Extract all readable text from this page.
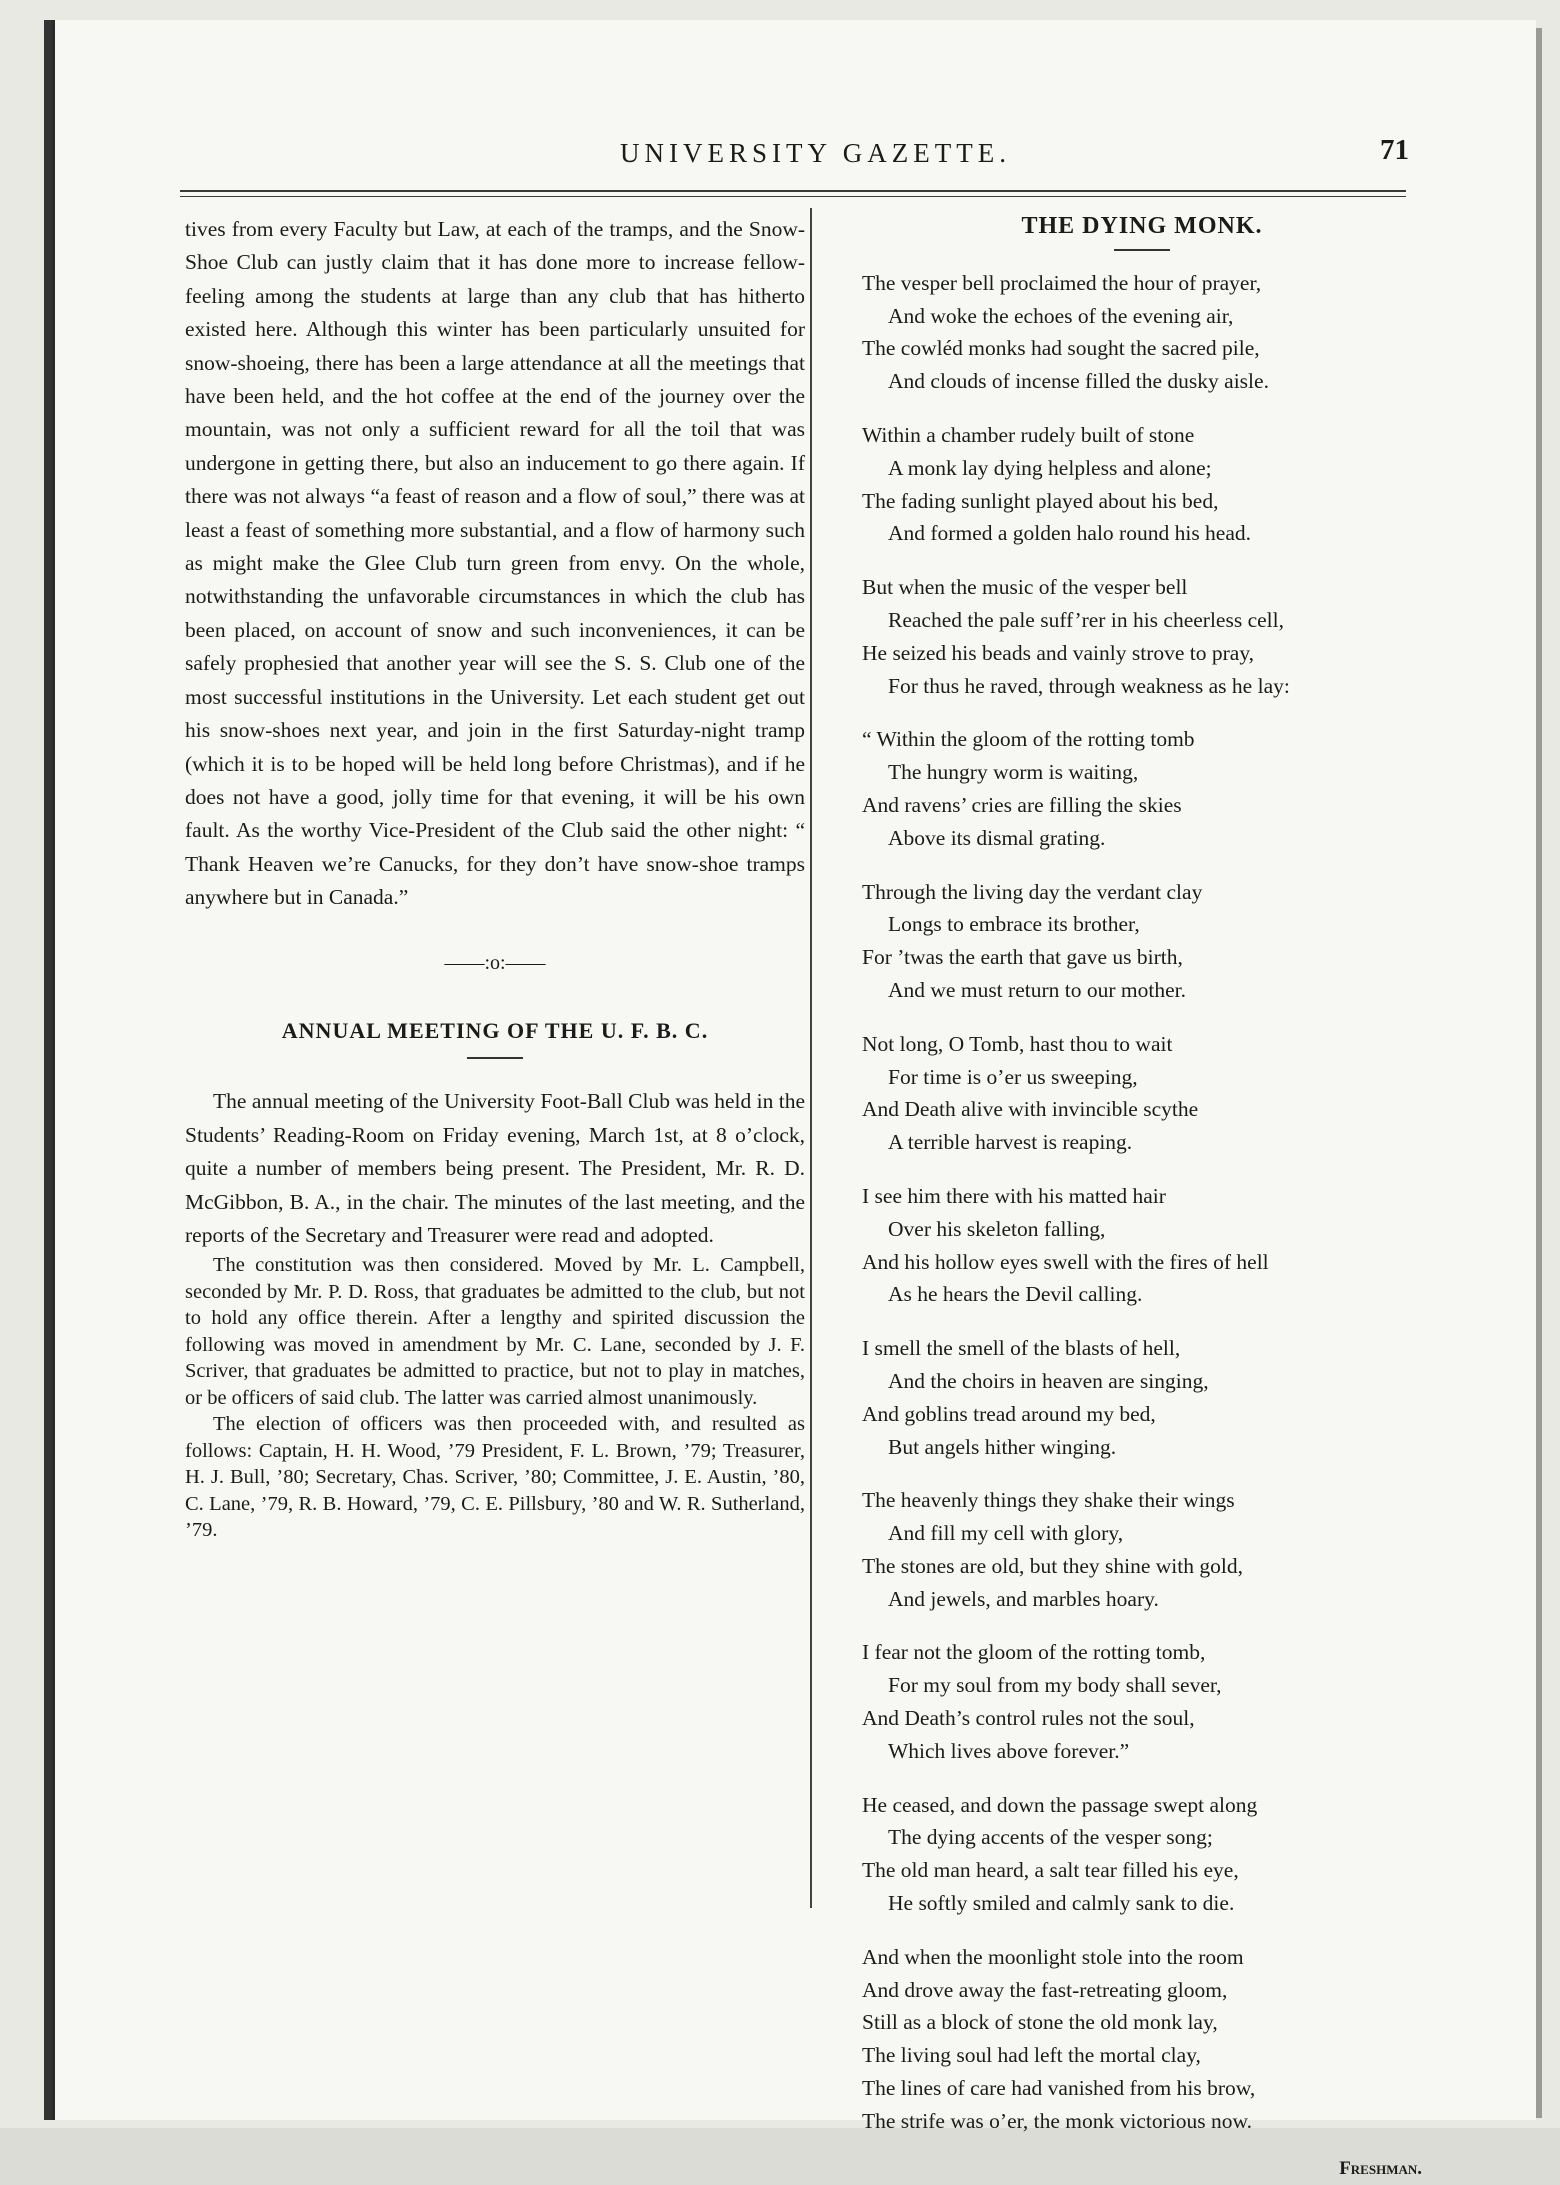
UNIVERSITY GAZETTE.	71

tives from every Faculty but Law, at each of the tramps, and the Snow-Shoe Club can justly claim that it has done more to increase fellow-feeling among the students at large than any club that has hitherto existed here. Although this winter has been particularly unsuited for snow-shoeing, there has been a large attendance at all the meetings that have been held, and the hot coffee at the end of the journey over the mountain, was not only a sufficient reward for all the toil that was undergone in getting there, but also an inducement to go there again. If there was not always “a feast of reason and a flow of soul,” there was at least a feast of something more substantial, and a flow of harmony such as might make the Glee Club turn green from envy. On the whole, notwithstanding the unfavorable circumstances in which the club has been placed, on account of snow and such inconveniences, it can be safely prophesied that another year will see the S. S. Club one of the most successful institutions in the University. Let each student get out his snow-shoes next year, and join in the first Saturday-night tramp (which it is to be hoped will be held long before Christmas), and if he does not have a good, jolly time for that evening, it will be his own fault. As the worthy Vice-President of the Club said the other night: “ Thank Heaven we’re Canucks, for they don’t have snow-shoe tramps anywhere but in Canada.”

——:o:——
ANNUAL MEETING OF THE U. F. B. C.

The annual meeting of the University Foot-Ball Club was held in the Students’ Reading-Room on Friday evening, March 1st, at 8 o’clock, quite a number of members being present. The President, Mr. R. D. McGibbon, B. A., in the chair. The minutes of the last meeting, and the reports of the Secretary and Treasurer were read and adopted.

The constitution was then considered. Moved by Mr. L. Campbell, seconded by Mr. P. D. Ross, that graduates be admitted to the club, but not to hold any office therein. After a lengthy and spirited discussion the following was moved in amendment by Mr. C. Lane, seconded by J. F. Scriver, that graduates be admitted to practice, but not to play in matches, or be officers of said club. The latter was carried almost unanimously.

The election of officers was then proceeded with, and resulted as follows: Captain, H. H. Wood, ’79 President, F. L. Brown, ’79; Treasurer, H. J. Bull, ’80; Secretary, Chas. Scriver, ’80; Committee, J. E. Austin, ’80, C. Lane, ’79, R. B. Howard, ’79, C. E. Pillsbury, ’80 and W. R. Sutherland, ’79.

THE DYING MONK.
The vesper bell proclaimed the hour of prayer,
And woke the echoes of the evening air,
The cowléd monks had sought the sacred pile,
And clouds of incense filled the dusky aisle.
Within a chamber rudely built of stone
A monk lay dying helpless and alone;
The fading sunlight played about his bed,
And formed a golden halo round his head.
But when the music of the vesper bell
Reached the pale suff’rer in his cheerless cell,
He seized his beads and vainly strove to pray,
For thus he raved, through weakness as he lay:
“ Within the gloom of the rotting tomb
The hungry worm is waiting,
And ravens’ cries are filling the skies
Above its dismal grating.
Through the living day the verdant clay
Longs to embrace its brother,
For ’twas the earth that gave us birth,
And we must return to our mother.
Not long, O Tomb, hast thou to wait
For time is o’er us sweeping,
And Death alive with invincible scythe
A terrible harvest is reaping.
I see him there with his matted hair
Over his skeleton falling,
And his hollow eyes swell with the fires of hell
As he hears the Devil calling.
I smell the smell of the blasts of hell,
And the choirs in heaven are singing,
And goblins tread around my bed,
But angels hither winging.
The heavenly things they shake their wings
And fill my cell with glory,
The stones are old, but they shine with gold,
And jewels, and marbles hoary.
I fear not the gloom of the rotting tomb,
For my soul from my body shall sever,
And Death’s control rules not the soul,
Which lives above forever.”
He ceased, and down the passage swept along
The dying accents of the vesper song;
The old man heard, a salt tear filled his eye,
He softly smiled and calmly sank to die.
And when the moonlight stole into the room
And drove away the fast-retreating gloom,
Still as a block of stone the old monk lay,
The living soul had left the mortal clay,
The lines of care had vanished from his brow,
The strife was o’er, the monk victorious now.
Freshman.
